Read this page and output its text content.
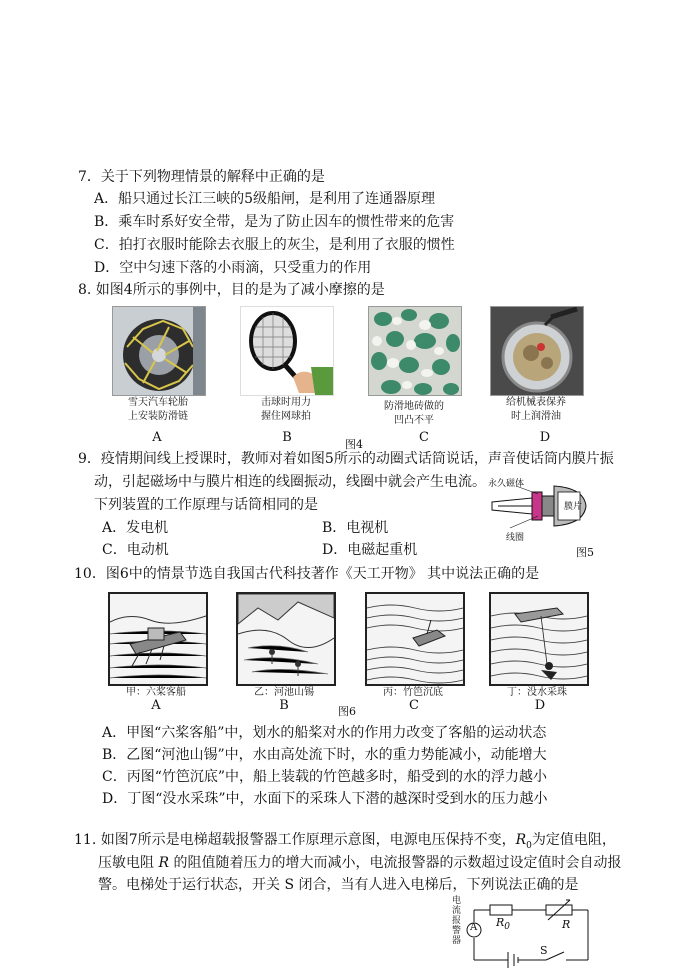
7．关于下列物理情景的解释中正确的是
A．船只通过长江三峡的5级船闸，是利用了连通器原理
B．乘车时系好安全带，是为了防止因车的惯性带来的危害
C．拍打衣服时能除去衣服上的灰尘，是利用了衣服的惯性
D．空中匀速下落的小雨滴，只受重力的作用
8. 如图4所示的事例中，目的是为了减小摩擦的是
雪天汽车轮胎
上安装防滑链
击球时用力
握住网球拍
防滑地砖做的
凹凸不平
给机械表保养
时上润滑油
A	B	图4	C	D
9．疫情期间线上授课时，教师对着如图5所示的动圈式话筒说话，声音使话筒内膜片振
动，引起磁场中与膜片相连的线圈振动，线圈中就会产生电流。
下列装置的工作原理与话筒相同的是
A．发电机	B．电视机
C．电动机	D．电磁起重机
永久磁体
膜片
线圈
图5
10．图6中的情景节选自我国古代科技著作《天工开物》 其中说法正确的是
甲：六桨客船	乙：河池山锡	丙：竹笆沉底	丁：没水采珠
A	B	图6	C	D
A．甲图“六桨客船”中，划水的船桨对水的作用力改变了客船的运动状态
B．乙图“河池山锡”中，水由高处流下时，水的重力势能减小，动能增大
C．丙图“竹笆沉底”中，船上装载的竹笆越多时，船受到的水的浮力越小
D．丁图“没水采珠”中，水面下的采珠人下潜的越深时受到水的压力越小
11. 如图7所示是电梯超载报警器工作原理示意图，电源电压保持不变，$R_0$为定值电阻，
压敏电阻 R 的阻值随着压力的增大而减小，电流报警器的示数超过设定值时会自动报
警。电梯处于运行状态，开关 S 闭合，当有人进入电梯后，下列说法正确的是
电流报警器
A $R_0$	R
S
